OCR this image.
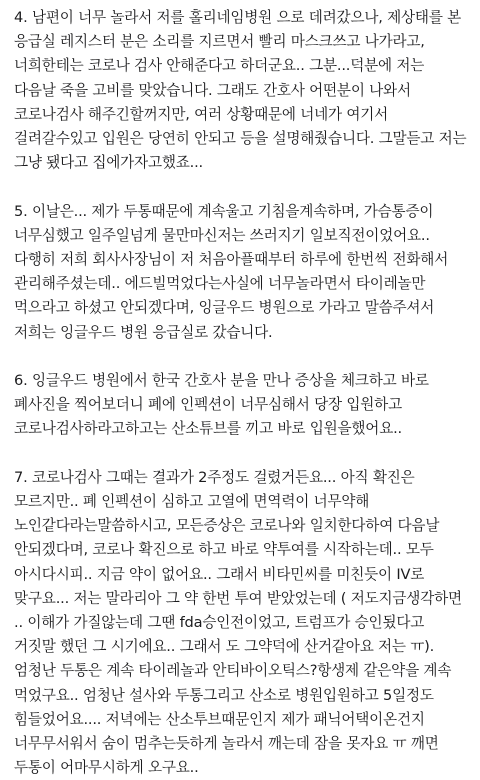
4. 남편이 너무 놀라서 저를 홀리네임병원 으로 데려갔으나, 제상태를 본 응급실 레지스터 분은 소리를 지르면서 빨리 마스크쓰고 나가라고, 너희한테는 코로나 검사 안해준다고 하더군요.. 그분...덕분에 저는 다음날 죽을 고비를 맞았습니다. 그래도 간호사 어떤분이 나와서 코로나검사 해주긴할꺼지만, 여러 상황때문에 너네가 여기서 걸려갈수있고 입원은 당연히 안되고 등을 설명해줬습니다. 그말듣고 저는 그냥 됐다고 집에가자고했죠...

5. 이날은... 제가 두통때문에 계속울고 기침을계속하며, 가슴통증이 너무심했고 일주일넘게 물만마신저는 쓰러지기 일보직전이었어요.. 다행히 저희 회사사장님이 저 처음아플때부터 하루에 한번씩 전화해서 관리해주셨는데.. 에드빌먹었다는사실에 너무놀라면서 타이레놀만 먹으라고 하셨고 안되겠다며, 잉글우드 병원으로 가라고 말씀주셔서 저희는 잉글우드 병원 응급실로 갔습니다.

6. 잉글우드 병원에서 한국 간호사 분을 만나 증상을 체크하고 바로 폐사진을 찍어보더니 폐에 인펙션이 너무심해서 당장 입원하고 코로나검사하라고하고는 산소튜브를 끼고 바로 입원을했어요..

7. 코로나검사 그때는 결과가 2주정도 걸렸거든요... 아직 확진은 모르지만.. 폐 인펙션이 심하고 고열에 면역력이 너무약해 노인같다라는말씀하시고, 모든증상은 코로나와 일치한다하여 다음날 안되겠다며, 코로나 확진으로 하고 바로 약투여를 시작하는데.. 모두 아시다시피.. 지금 약이 없어요.. 그래서 비타민씨를 미친듯이 IV로 맞구요... 저는 말라리아 그 약 한번 투여 받았었는데 ( 저도지금생각하면 .. 이해가 가질않는데 그땐 fda승인전이었고, 트럼프가 승인됬다고 거짓말 했던 그 시기에요.. 그래서 도 그약덕에 산거같아요 저는 ㅠ). 엄청난 두통은 계속 타이레놀과 안티바이오틱스?항생제 같은약을 계속 먹었구요.. 엄청난 설사와 두통그리고 산소로 병원입원하고 5일정도 힘들었어요.... 저녁에는 산소투브때문인지 제가 패닉어택이온건지 너무무서워서 숨이 멈추는듯하게 놀라서 깨는데 잠을 못자요 ㅠ 깨면 두통이 어마무시하게 오구요..
